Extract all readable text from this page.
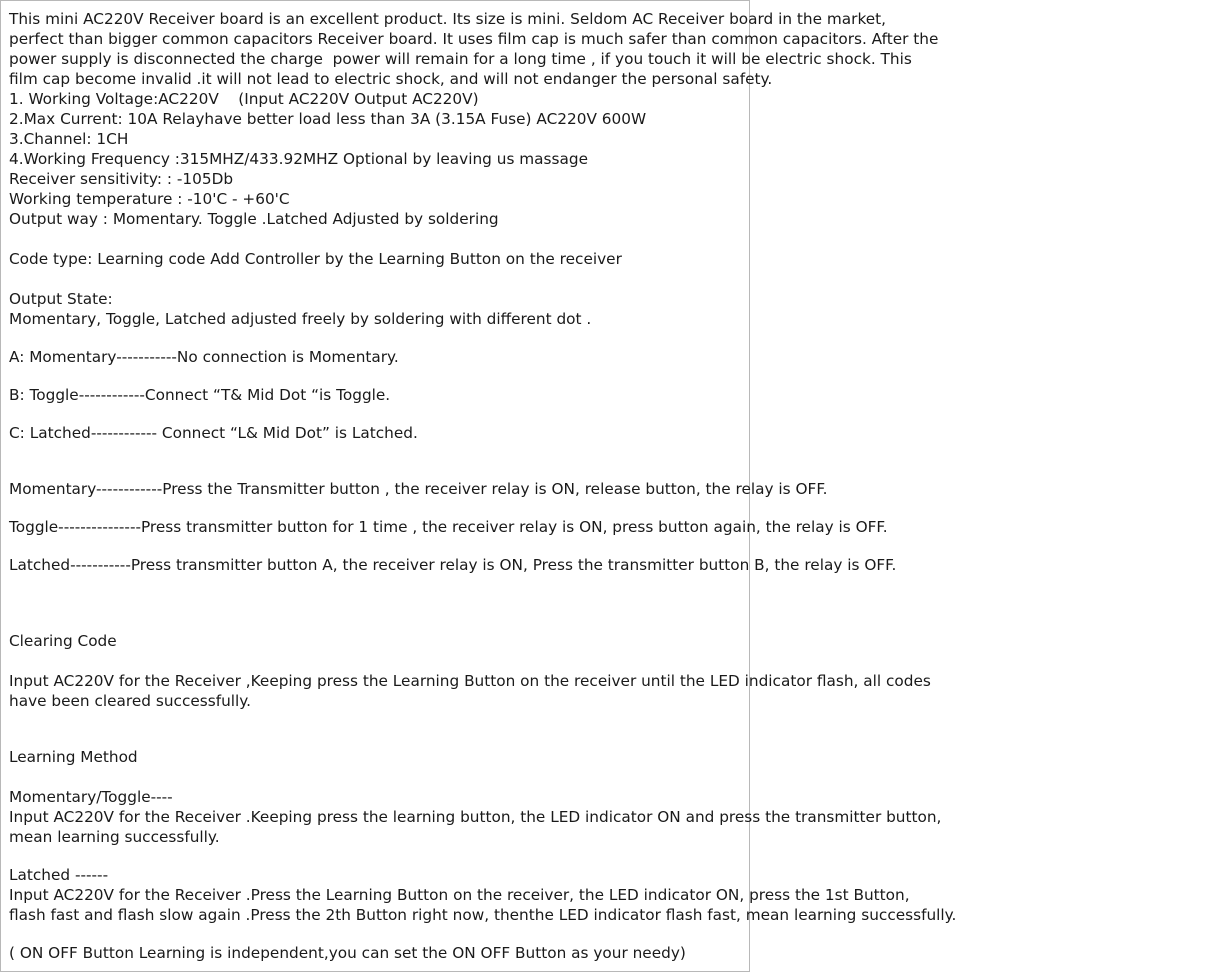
This mini AC220V Receiver board is an excellent product. Its size is mini. Seldom AC Receiver board in the market,
perfect than bigger common capacitors Receiver board. It uses film cap is much safer than common capacitors. After the
power supply is disconnected the charge  power will remain for a long time , if you touch it will be electric shock. This
film cap become invalid .it will not lead to electric shock, and will not endanger the personal safety.
1. Working Voltage:AC220V    (Input AC220V Output AC220V)
2.Max Current: 10A Relayhave better load less than 3A (3.15A Fuse) AC220V 600W
3.Channel: 1CH
4.Working Frequency :315MHZ/433.92MHZ Optional by leaving us massage
Receiver sensitivity: : -105Db
Working temperature : -10'C - +60'C
Output way : Momentary. Toggle .Latched Adjusted by soldering
Code type: Learning code Add Controller by the Learning Button on the receiver
Output State:
Momentary, Toggle, Latched adjusted freely by soldering with different dot .
A: Momentary-----------No connection is Momentary.
B: Toggle------------Connect “T& Mid Dot “is Toggle.
C: Latched------------ Connect “L& Mid Dot” is Latched.
Momentary------------Press the Transmitter button , the receiver relay is ON, release button, the relay is OFF.
Toggle---------------Press transmitter button for 1 time , the receiver relay is ON, press button again, the relay is OFF.
Latched-----------Press transmitter button A, the receiver relay is ON, Press the transmitter button B, the relay is OFF.
Clearing Code
Input AC220V for the Receiver ,Keeping press the Learning Button on the receiver until the LED indicator flash, all codes
have been cleared successfully.
Learning Method
Momentary/Toggle----
Input AC220V for the Receiver .Keeping press the learning button, the LED indicator ON and press the transmitter button,
mean learning successfully.
Latched ------
Input AC220V for the Receiver .Press the Learning Button on the receiver, the LED indicator ON, press the 1st Button,
flash fast and flash slow again .Press the 2th Button right now, thenthe LED indicator flash fast, mean learning successfully.
( ON OFF Button Learning is independent,you can set the ON OFF Button as your needy)
